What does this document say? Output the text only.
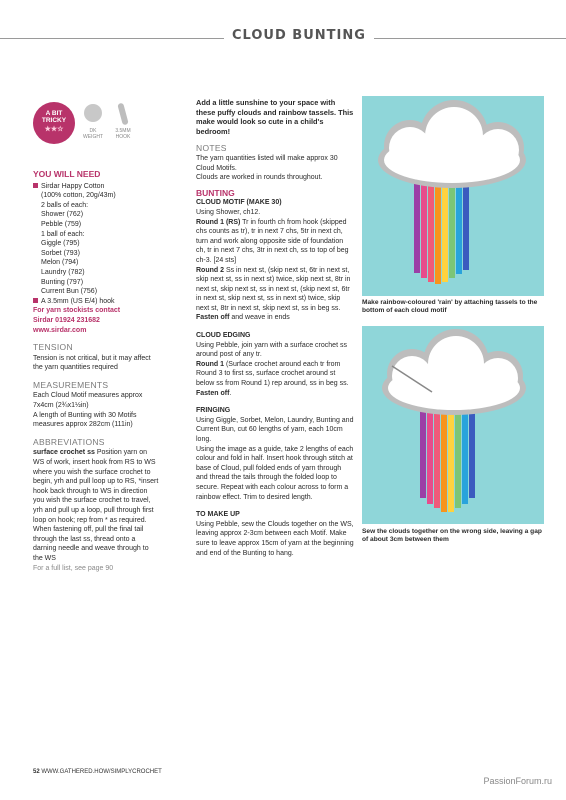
CLOUD BUNTING
A BIT
TRICKY
★★☆	DK
WEIGHT
3.5MM
HOOK
YOU WILL NEED
Sirdar Happy Cotton
(100% cotton, 20g/43m)
2 balls of each:
Shower (762)
Pebble (759)
1 ball of each:
Giggle (795)
Sorbet (793)
Melon (794)
Laundry (782)
Bunting (797)
Current Bun (756)
A 3.5mm (US E/4) hook
For yarn stockists contact
Sirdar 01924 231682
www.sirdar.com
TENSION
Tension is not critical, but it may affect the yarn quantities required
MEASUREMENTS
Each Cloud Motif measures approx 7x4cm (2¾x1½in)
A length of Bunting with 30 Motifs measures approx 282cm (111in)
ABBREVIATIONS
surface crochet ss Position yarn on WS of work, insert hook from RS to WS where you wish the surface crochet to begin, yrh and pull loop up to RS, *insert hook back through to WS in direction you wish the surface crochet to travel, yrh and pull up a loop, pull through first loop on hook; rep from * as required. When fastening off, pull the final tail through the last ss, thread onto a darning needle and weave through to the WS
For a full list, see page 90
Add a little sunshine to your space with these puffy clouds and rainbow tassels. This make would look so cute in a child's bedroom!
NOTES
The yarn quantities listed will make approx 30 Cloud Motifs.
Clouds are worked in rounds throughout.
BUNTING
CLOUD MOTIF (MAKE 30)
Using Shower, ch12.
Round 1 (RS) Tr in fourth ch from hook (skipped chs counts as tr), tr in next 7 chs, 5tr in next ch, turn and work along opposite side of foundation ch, tr in next 7 chs, 3tr in next ch, ss to top of beg ch-3. [24 sts]
Round 2 Ss in next st, (skip next st, 6tr in next st, skip next st, ss in next st) twice, skip next st, 8tr in next st, skip next st, ss in next st, (skip next st, 6tr in next st, skip next st, ss in next st) twice, skip next st, 8tr in next st, skip next st, ss in beg ss.
Fasten off and weave in ends
CLOUD EDGING
Using Pebble, join yarn with a surface crochet ss around post of any tr.
Round 1 (Surface crochet around each tr from Round 3 to first ss, surface crochet around st below ss from Round 1) rep around, ss in beg ss.
Fasten off.
FRINGING
Using Giggle, Sorbet, Melon, Laundry, Bunting and Current Bun, cut 60 lengths of yarn, each 10cm long.
Using the image as a guide, take 2 lengths of each colour and fold in half. Insert hook through stitch at base of Cloud, pull folded ends of yarn through and thread the tails through the folded loop to secure. Repeat with each colour across to form a rainbow effect. Trim to desired length.
TO MAKE UP
Using Pebble, sew the Clouds together on the WS, leaving approx 2-3cm between each Motif. Make sure to leave approx 15cm of yarn at the beginning and end of the Bunting to hang.
Make rainbow-coloured 'rain' by attaching tassels to the bottom of each cloud motif
Sew the clouds together on the wrong side, leaving a gap of about 3cm between them
52 WWW.GATHERED.HOW/SIMPLYCROCHET
PassionForum.ru
